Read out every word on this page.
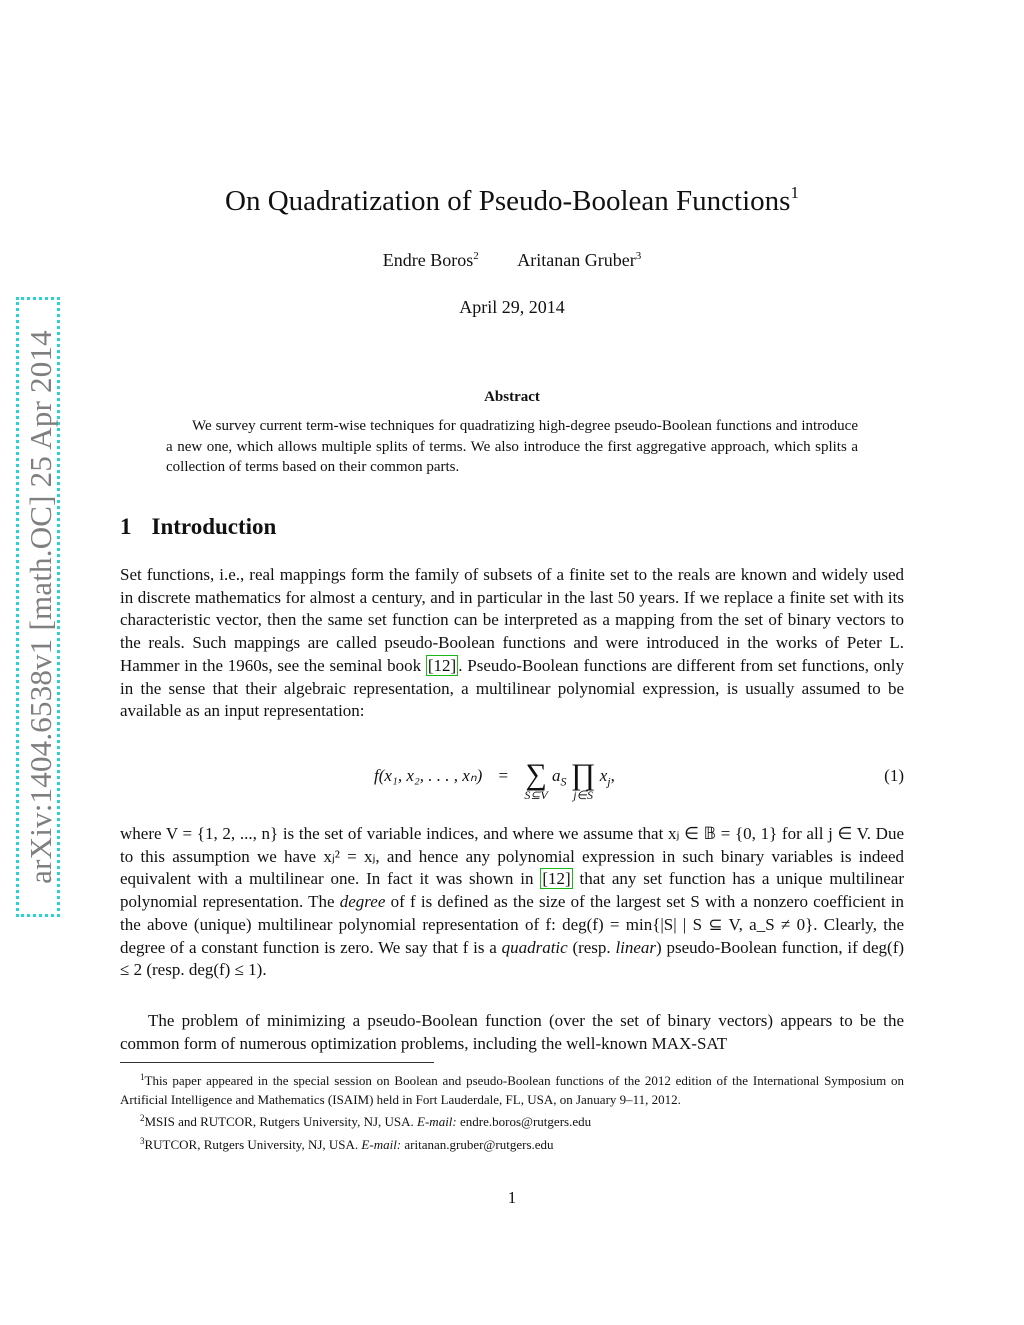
arXiv:1404.6538v1 [math.OC] 25 Apr 2014
On Quadratization of Pseudo-Boolean Functions$^1$
Endre Boros$^2$ Aritanan Gruber$^3$
April 29, 2014
Abstract
We survey current term-wise techniques for quadratizing high-degree pseudo-Boolean functions and introduce a new one, which allows multiple splits of terms. We also introduce the first aggregative approach, which splits a collection of terms based on their common parts.
1 Introduction
Set functions, i.e., real mappings form the family of subsets of a finite set to the reals are known and widely used in discrete mathematics for almost a century, and in particular in the last 50 years. If we replace a finite set with its characteristic vector, then the same set function can be interpreted as a mapping from the set of binary vectors to the reals. Such mappings are called pseudo-Boolean functions and were introduced in the works of Peter L. Hammer in the 1960s, see the seminal book [12] . Pseudo-Boolean functions are different from set functions, only in the sense that their algebraic representation, a multilinear polynomial expression, is usually assumed to be available as an input representation:
f(x₁, x₂, . . . , xₙ) = ∑
S⊆V
$a_S$ ∏
j∈S
$x_j$,	(1)
where V = {1, 2, ..., n} is the set of variable indices, and where we assume that xⱼ ∈ 𝔹 = {0, 1} for all j ∈ V. Due to this assumption we have xⱼ² = xⱼ, and hence any polynomial expression in such binary variables is indeed equivalent with a multilinear one. In fact it was shown in [12] that any set function has a unique multilinear polynomial representation. The degree of f is defined as the size of the largest set S with a nonzero coefficient in the above (unique) multilinear polynomial representation of f: deg(f) = min{|S| | S ⊆ V, a_S ≠ 0}. Clearly, the degree of a constant function is zero. We say that f is a quadratic (resp. linear) pseudo-Boolean function, if deg(f) ≤ 2 (resp. deg(f) ≤ 1).
The problem of minimizing a pseudo-Boolean function (over the set of binary vectors) appears to be the common form of numerous optimization problems, including the well-known MAX-SAT
$^1$This paper appeared in the special session on Boolean and pseudo-Boolean functions of the 2012 edition of the International Symposium on Artificial Intelligence and Mathematics (ISAIM) held in Fort Lauderdale, FL, USA, on January 9–11, 2012.
$^2$MSIS and RUTCOR, Rutgers University, NJ, USA. E-mail: endre.boros@rutgers.edu
$^3$RUTCOR, Rutgers University, NJ, USA. E-mail: aritanan.gruber@rutgers.edu
1
